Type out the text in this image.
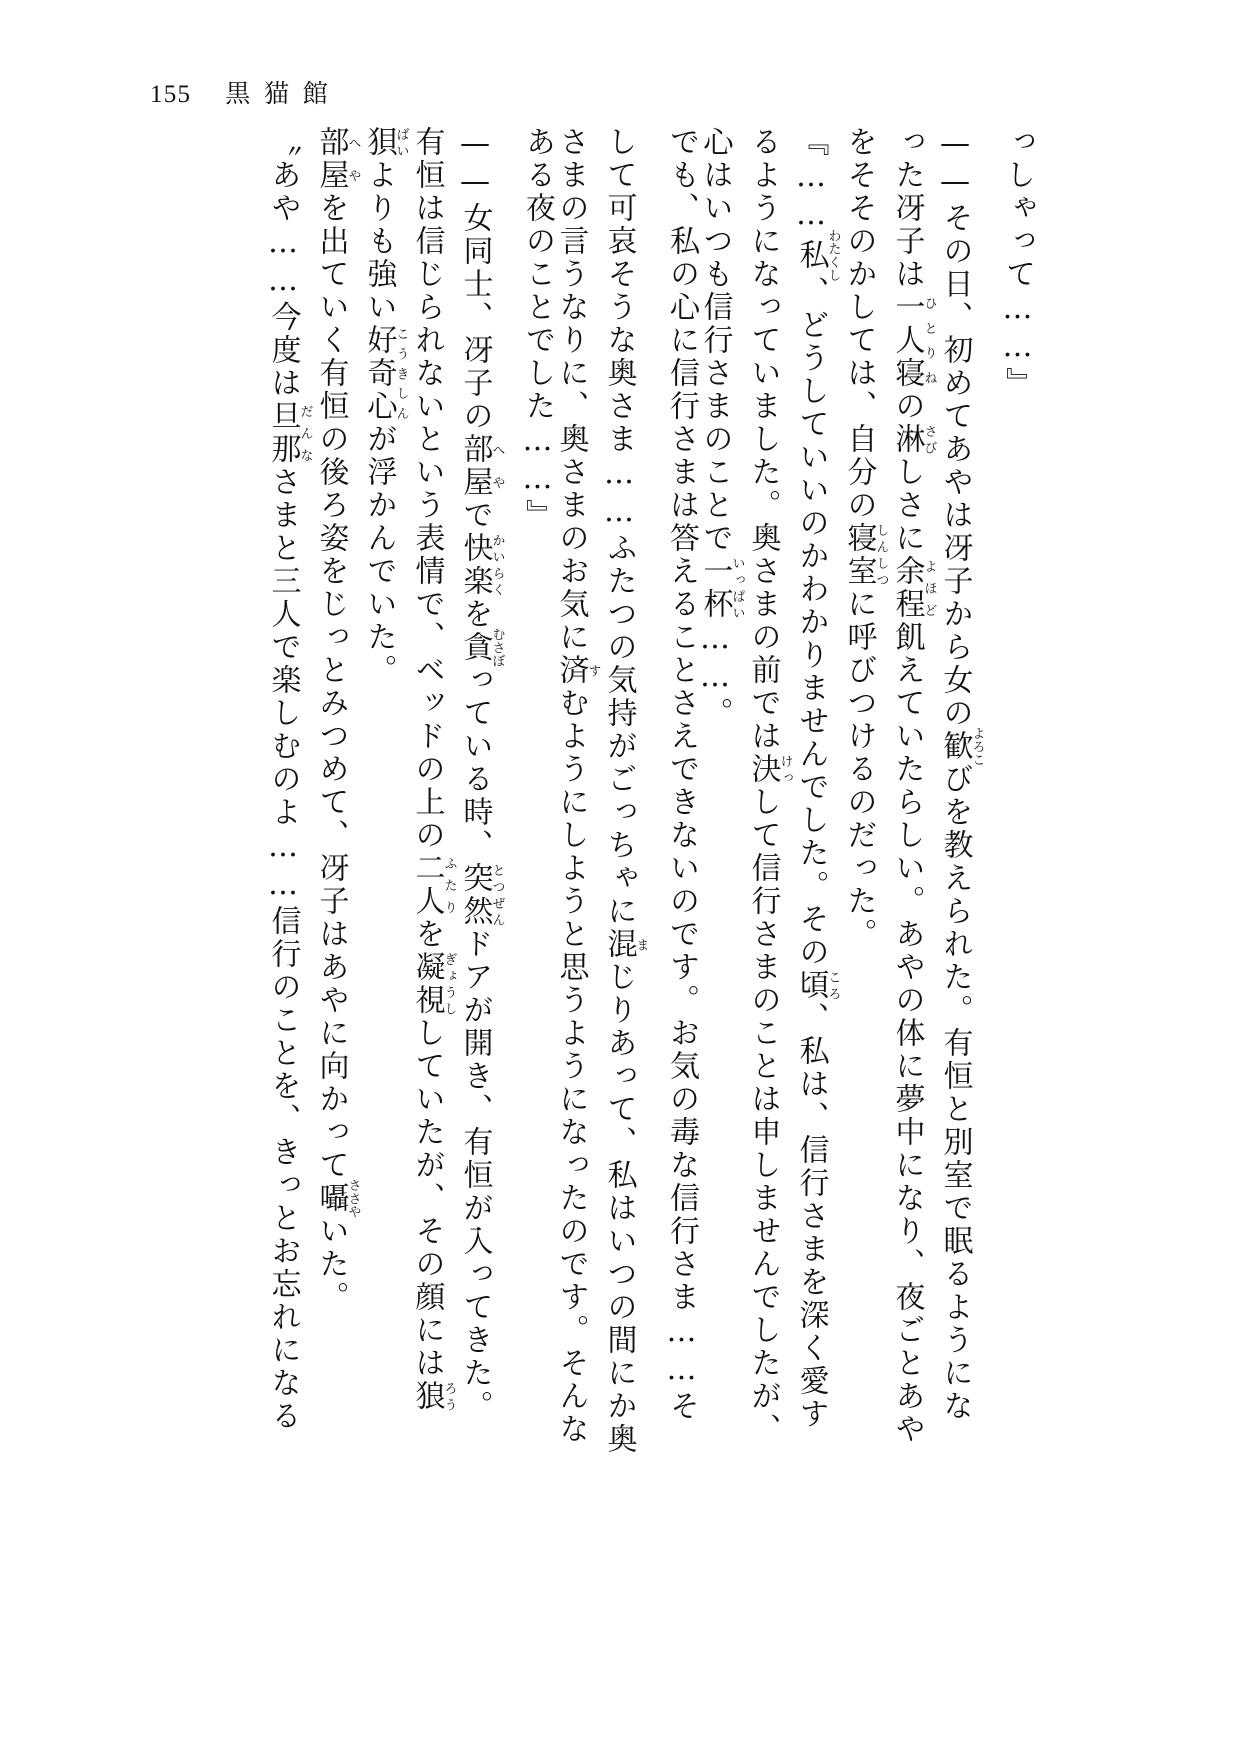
155 黒猫館
〝あや……今度は旦那だんなさまと三人で楽しむのよ……信行のことを、きっとお忘れになる
部屋へやを出ていく有恒の後ろ姿をじっとみつめて、冴子はあやに向かって囁ささやいた。
狽ばいよりも強い好奇心こうきしんが浮かんでいた。 有恒は信じられないという表情で、ベッドの上の二人ふたりを凝視ぎょうししていたが、その顔には狼ろう
——女同士、冴子の部屋へやで快楽かいらくを貪むさぼっている時、突然とつぜんドアが開き、有恒が入ってきた。
ある夜のことでした……』
さまの言うなりに、奥さまのお気に済すむようにしようと思うようになったのです。そんな
して可哀そうな奥さま……ふたつの気持がごっちゃに混まじりあって、私はいつの間にか奥 でも、私の心に信行さまは答えることさえできないのです。お気の毒な信行さま……そ
心はいつも信行さまのことで一杯いっぱい……。 るようになっていました。奥さまの前では決けっして信行さまのことは申しませんでしたが、
『……私わたくし、どうしていいのかわかりませんでした。その頃ころ、私は、信行さまを深く愛す
をそそのかしては、自分の寝室しんしつに呼びつけるのだった。
った冴子は一人寝ひとりねの淋さびしさに余程よほど飢えていたらしい。あやの体に夢中になり、夜ごとあや
——その日、初めてあやは冴子から女の歓よろこびを教えられた。有恒と別室で眠るようにな
っしゃって……』
